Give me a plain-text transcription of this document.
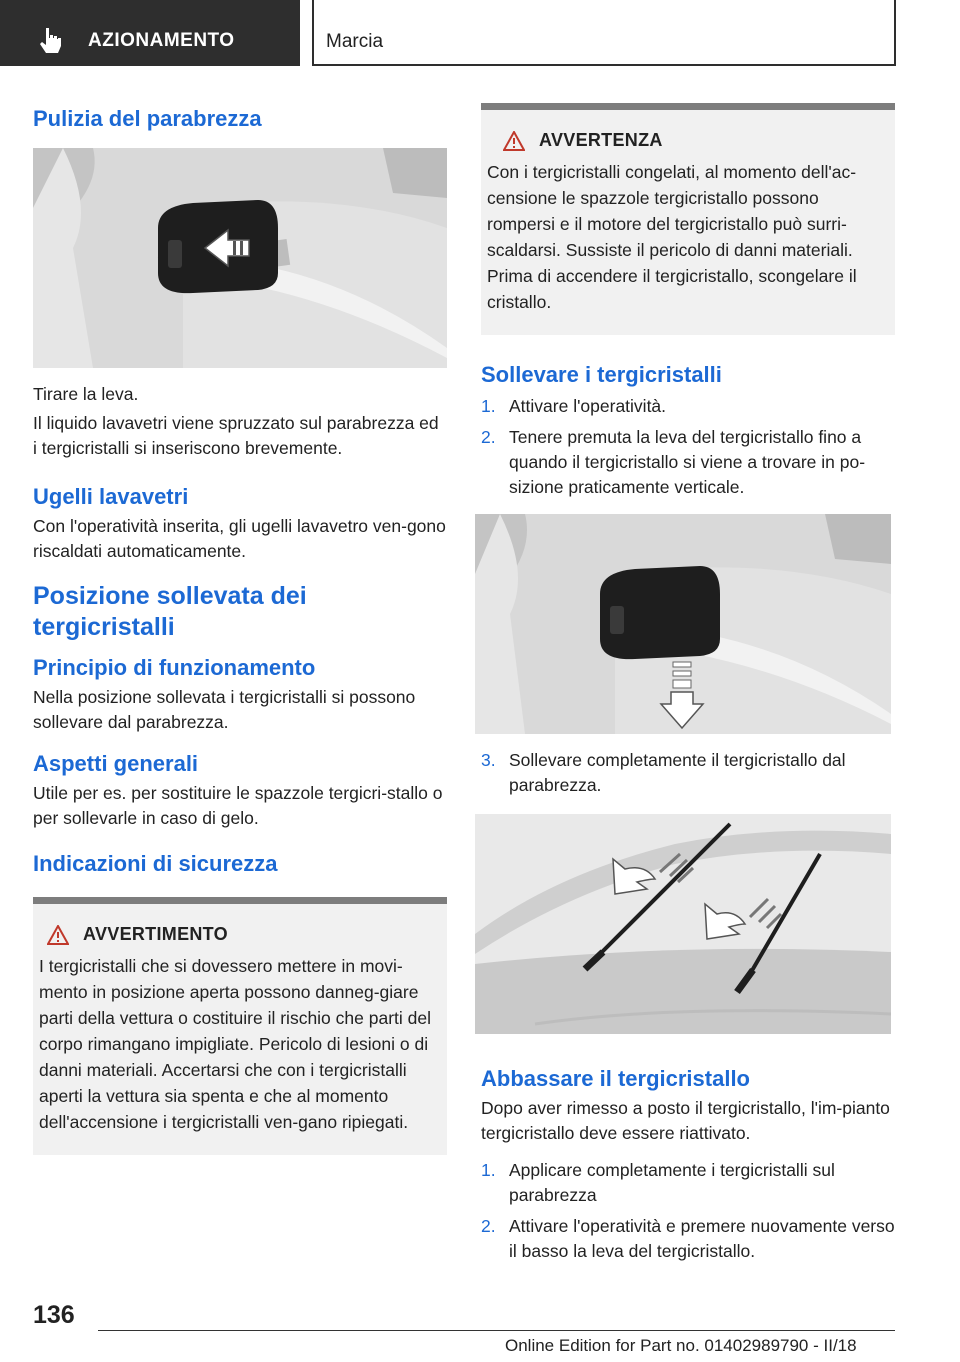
AZIONAMENTO	Marcia
Pulizia del parabrezza

Tirare la leva.

Il liquido lavavetri viene spruzzato sul parabrezza ed i tergicristalli si inseriscono brevemente.

Ugelli lavavetri

Con l'operatività inserita, gli ugelli lavavetro ven-gono riscaldati automaticamente.

Posizione sollevata dei tergicristalli
Principio di funzionamento

Nella posizione sollevata i tergicristalli si possono sollevare dal parabrezza.

Aspetti generali

Utile per es. per sostituire le spazzole tergicri-stallo o per sollevarle in caso di gelo.

Indicazioni di sicurezza
AVVERTIMENTO

I tergicristalli che si dovessero mettere in movi-mento in posizione aperta possono danneg-giare parti della vettura o costituire il rischio che parti del corpo rimangano impigliate. Pericolo di lesioni o di danni materiali. Accertarsi che con i tergicristalli aperti la vettura sia spenta e che al momento dell'accensione i tergicristalli ven-gano ripiegati.

AVVERTENZA

Con i tergicristalli congelati, al momento dell'ac-censione le spazzole tergicristallo possono rompersi e il motore del tergicristallo può surri-scaldarsi. Sussiste il pericolo di danni materiali. Prima di accendere il tergicristallo, scongelare il cristallo.

Sollevare i tergicristalli
1. Attivare l'operatività.
2. Tenere premuta la leva del tergicristallo fino a quando il tergicristallo si viene a trovare in po-sizione praticamente verticale.
3. Sollevare completamente il tergicristallo dal parabrezza.
Abbassare il tergicristallo

Dopo aver rimesso a posto il tergicristallo, l'im-pianto tergicristallo deve essere riattivato.

1. Applicare completamente i tergicristalli sul parabrezza
2. Attivare l'operatività e premere nuovamente verso il basso la leva del tergicristallo.
136
Online Edition for Part no. 01402989790 - II/18
